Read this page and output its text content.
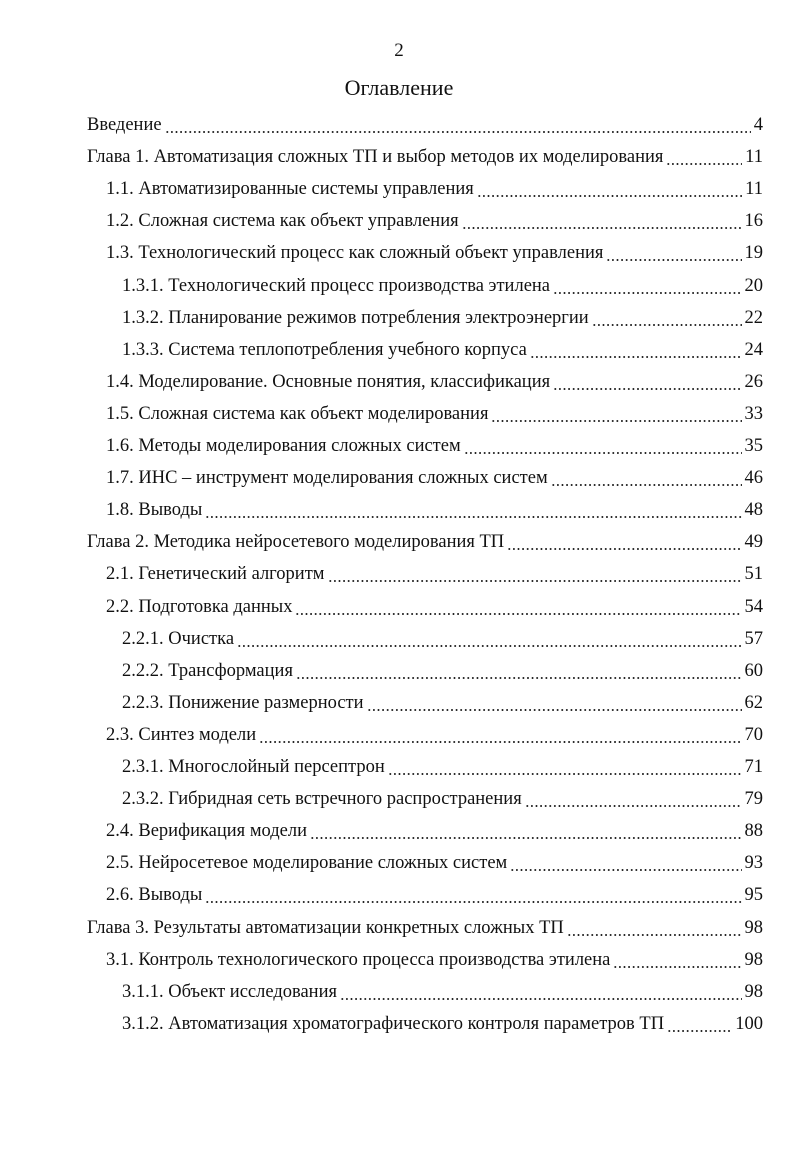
2
Оглавление
Введение	4
Глава 1. Автоматизация сложных ТП и выбор методов их моделирования	11
1.1. Автоматизированные системы управления	11
1.2. Сложная система как объект управления	16
1.3. Технологический процесс как сложный объект управления	19
1.3.1. Технологический процесс производства этилена	20
1.3.2. Планирование режимов потребления электроэнергии	22
1.3.3. Система теплопотребления учебного корпуса	24
1.4. Моделирование. Основные понятия, классификация	26
1.5. Сложная система как объект моделирования	33
1.6. Методы моделирования сложных систем	35
1.7. ИНС – инструмент моделирования сложных систем	46
1.8. Выводы	48
Глава 2. Методика нейросетевого моделирования ТП	49
2.1. Генетический алгоритм	51
2.2. Подготовка данных	54
2.2.1. Очистка	57
2.2.2. Трансформация	60
2.2.3. Понижение размерности	62
2.3. Синтез модели	70
2.3.1. Многослойный персептрон	71
2.3.2. Гибридная сеть встречного распространения	79
2.4. Верификация модели	88
2.5. Нейросетевое моделирование сложных систем	93
2.6. Выводы	95
Глава 3. Результаты автоматизации конкретных сложных ТП	98
3.1. Контроль технологического процесса производства этилена	98
3.1.1. Объект исследования	98
3.1.2. Автоматизация хроматографического контроля параметров ТП	100
